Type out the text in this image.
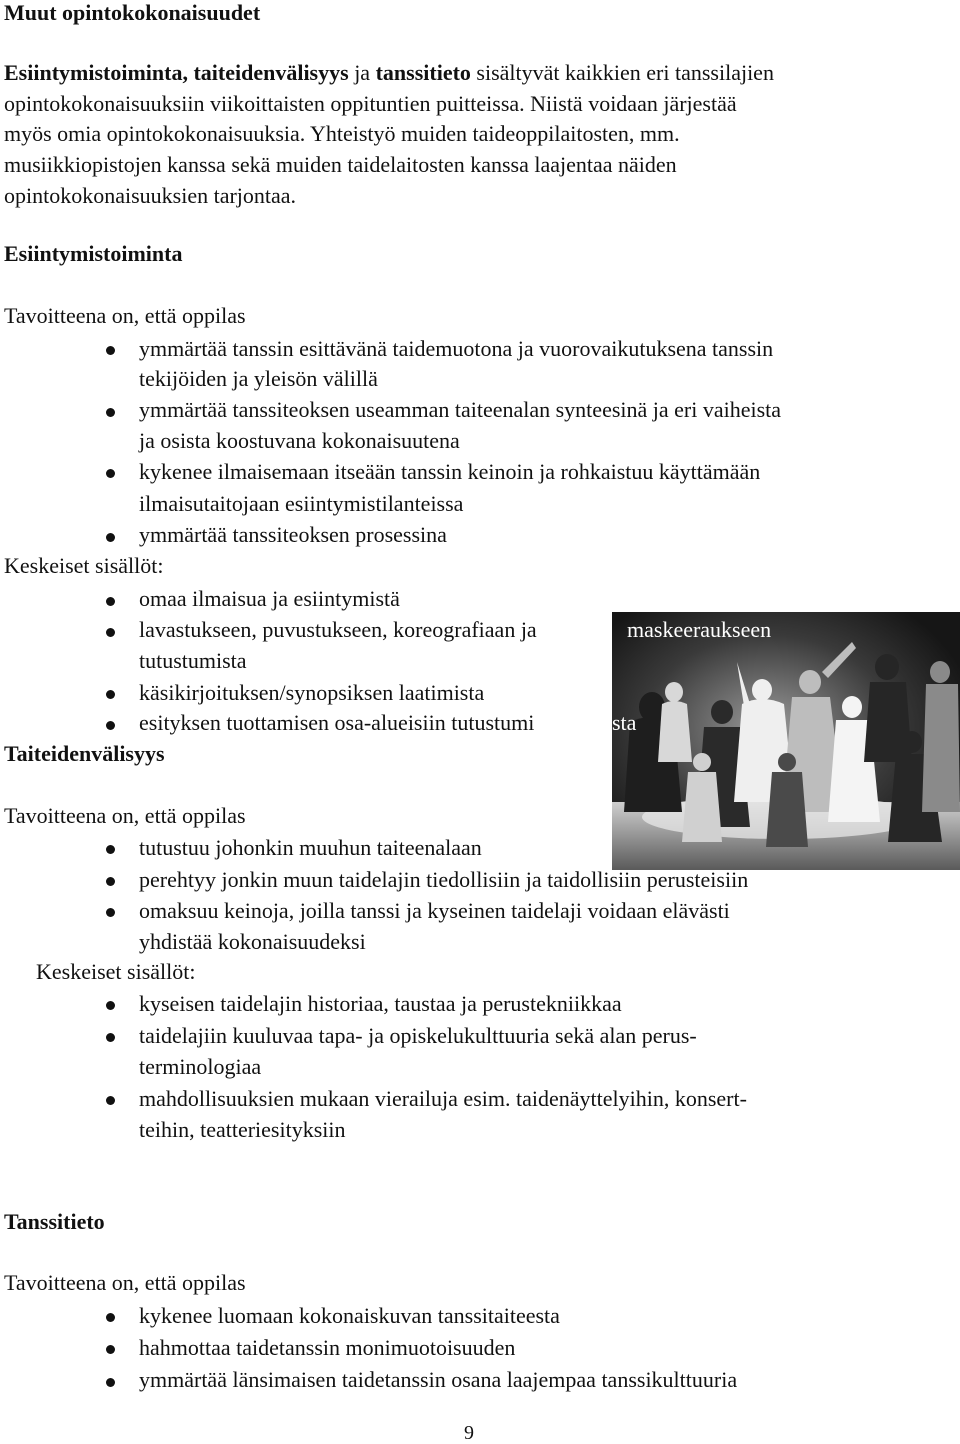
Muut opintokokonaisuudet
Esiintymistoiminta, taiteidenvälisyys ja tanssitieto sisältyvät kaikkien eri tanssilajien
opintokokonaisuuksiin viikoittaisten oppituntien puitteissa. Niistä voidaan järjestää
myös omia opintokokonaisuuksia. Yhteistyö muiden taideoppilaitosten, mm.
musiikkiopistojen kanssa sekä muiden taidelaitosten kanssa laajentaa näiden
opintokokonaisuuksien tarjontaa.
Esiintymistoiminta
Tavoitteena on, että oppilas
ymmärtää tanssin esittävänä taidemuotona ja vuorovaikutuksena tanssin
tekijöiden ja yleisön välillä
ymmärtää tanssiteoksen useamman taiteenalan synteesinä ja eri vaiheista
ja osista koostuvana kokonaisuutena
kykenee ilmaisemaan itseään tanssin keinoin ja rohkaistuu käyttämään
ilmaisutaitojaan esiintymistilanteissa
ymmärtää tanssiteoksen prosessina
Keskeiset sisällöt:
omaa ilmaisua ja esiintymistä
lavastukseen, puvustukseen, koreografiaan ja	maskeeraukseen
tutustumista
käsikirjoituksen/synopsiksen laatimista
esityksen tuottamisen osa-alueisiin tutustumi	sta
Taiteidenvälisyys
Tavoitteena on, että oppilas
tutustuu johonkin muuhun taiteenalaan
perehtyy jonkin muun taidelajin tiedollisiin ja taidollisiin perusteisiin
omaksuu keinoja, joilla tanssi ja kyseinen taidelaji voidaan elävästi
yhdistää kokonaisuudeksi
Keskeiset sisällöt:
kyseisen taidelajin historiaa, taustaa ja perustekniikkaa
taidelajiin kuuluvaa tapa- ja opiskelukulttuuria sekä alan perus-
terminologiaa
mahdollisuuksien mukaan vierailuja esim. taidenäyttelyihin, konsert-
teihin, teatteriesityksiin
Tanssitieto
Tavoitteena on, että oppilas
kykenee luomaan kokonaiskuvan tanssitaiteesta
hahmottaa taidetanssin monimuotoisuuden
ymmärtää länsimaisen taidetanssin osana laajempaa tanssikulttuuria
9
